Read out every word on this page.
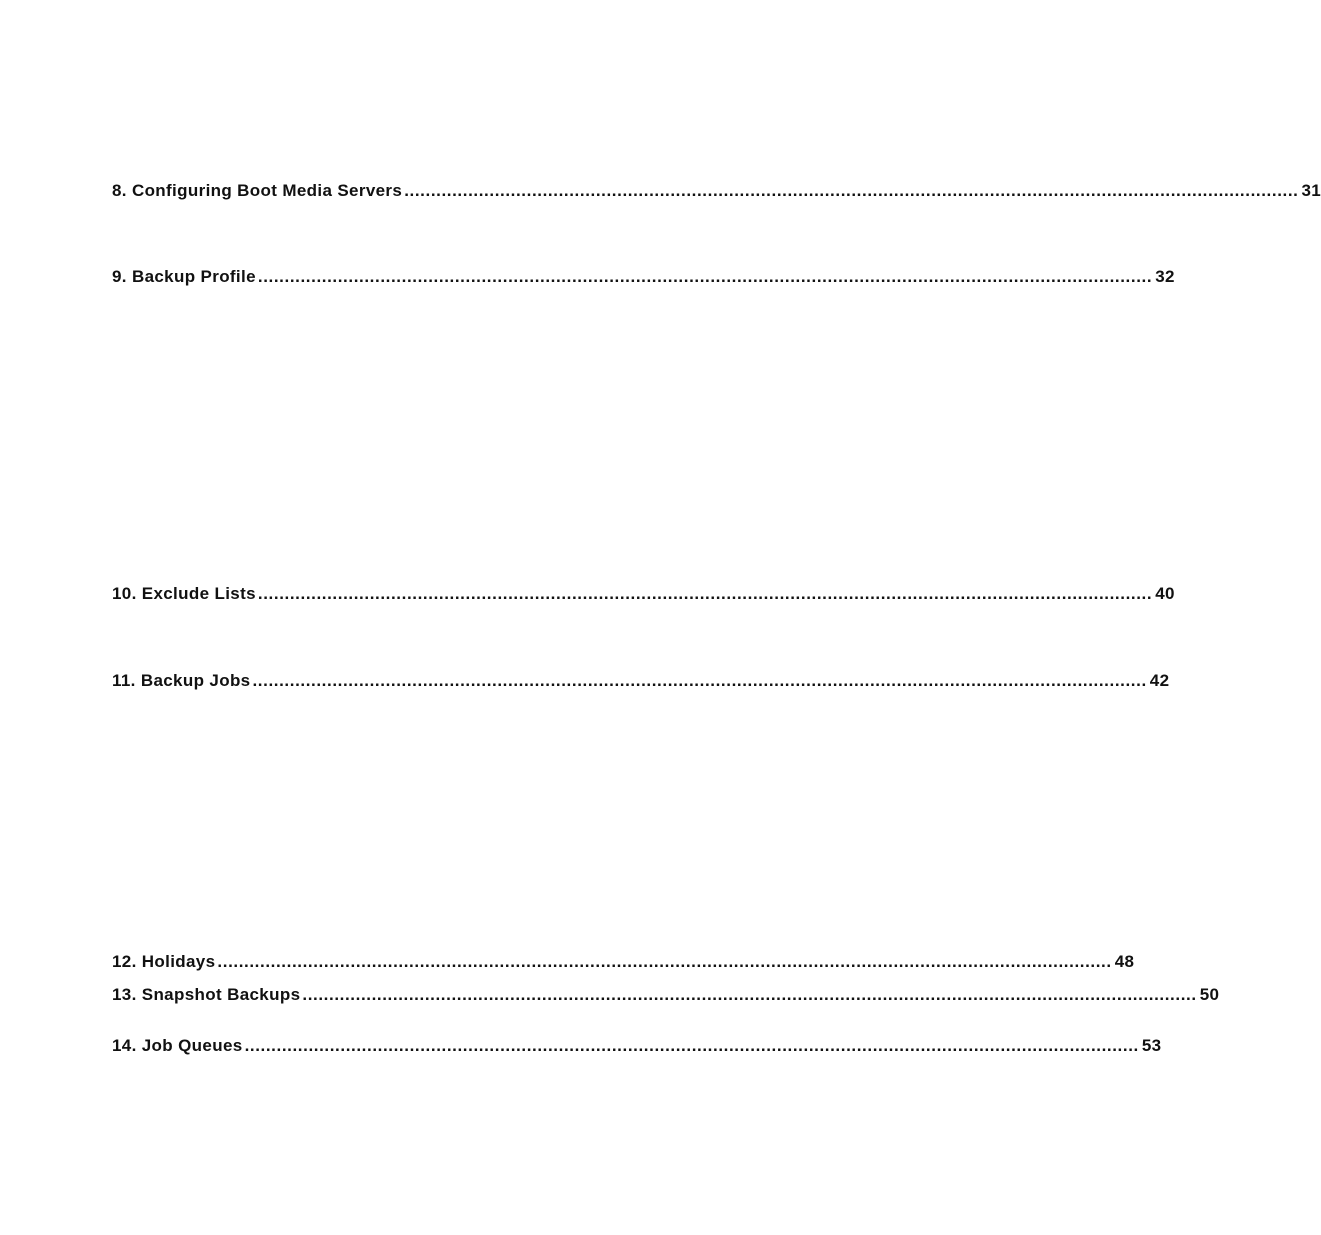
8. Configuring Boot Media Servers ........................................................................................................................................................................ 31
9. Backup Profile ........................................................................................................................................................................ 32
10. Exclude Lists ........................................................................................................................................................................ 40
11. Backup Jobs ........................................................................................................................................................................ 42
12. Holidays ........................................................................................................................................................................ 48
13. Snapshot Backups ........................................................................................................................................................................ 50
14. Job Queues ........................................................................................................................................................................ 53
